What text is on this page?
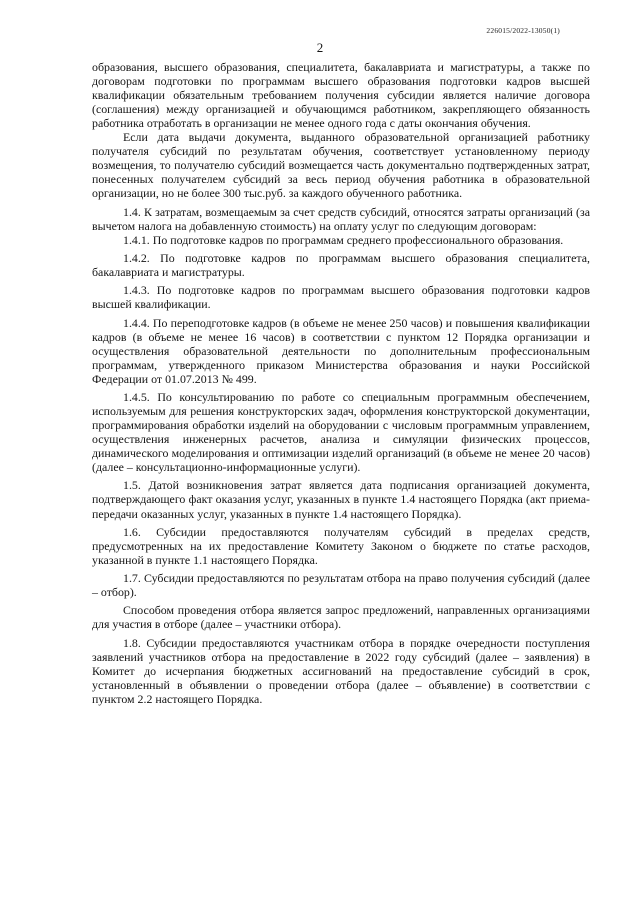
226015/2022-13050(1)
2

образования, высшего образования, специалитета, бакалавриата и магистратуры, а также по договорам подготовки по программам высшего образования подготовки кадров высшей квалификации обязательным требованием получения субсидии является наличие договора (соглашения) между организацией и обучающимся работником, закрепляющего обязанность работника отработать в организации не менее одного года с даты окончания обучения.

Если дата выдачи документа, выданного образовательной организацией работнику получателя субсидий по результатам обучения, соответствует установленному периоду возмещения, то получателю субсидий возмещается часть документально подтвержденных затрат, понесенных получателем субсидий за весь период обучения работника в образовательной организации, но не более 300 тыс.руб. за каждого обученного работника.

1.4. К затратам, возмещаемым за счет средств субсидий, относятся затраты организаций (за вычетом налога на добавленную стоимость) на оплату услуг по следующим договорам:

1.4.1. По подготовке кадров по программам среднего профессионального образования.

1.4.2. По подготовке кадров по программам высшего образования специалитета, бакалавриата и магистратуры.

1.4.3. По подготовке кадров по программам высшего образования подготовки кадров высшей квалификации.

1.4.4. По переподготовке кадров (в объеме не менее 250 часов) и повышения квалификации кадров (в объеме не менее 16 часов) в соответствии с пунктом 12 Порядка организации и осуществления образовательной деятельности по дополнительным профессиональным программам, утвержденного приказом Министерства образования и науки Российской Федерации от 01.07.2013 № 499.

1.4.5. По консультированию по работе со специальным программным обеспечением, используемым для решения конструкторских задач, оформления конструкторской документации, программирования обработки изделий на оборудовании с числовым программным управлением, осуществления инженерных расчетов, анализа и симуляции физических процессов, динамического моделирования и оптимизации изделий организаций (в объеме не менее 20 часов) (далее – консультационно-информационные услуги).

1.5. Датой возникновения затрат является дата подписания организацией документа, подтверждающего факт оказания услуг, указанных в пункте 1.4 настоящего Порядка (акт приема-передачи оказанных услуг, указанных в пункте 1.4 настоящего Порядка).

1.6. Субсидии предоставляются получателям субсидий в пределах средств, предусмотренных на их предоставление Комитету Законом о бюджете по статье расходов, указанной в пункте 1.1 настоящего Порядка.

1.7. Субсидии предоставляются по результатам отбора на право получения субсидий (далее – отбор).

Способом проведения отбора является запрос предложений, направленных организациями для участия в отборе (далее – участники отбора).

1.8. Субсидии предоставляются участникам отбора в порядке очередности поступления заявлений участников отбора на предоставление в 2022 году субсидий (далее – заявления) в Комитет до исчерпания бюджетных ассигнований на предоставление субсидий в срок, установленный в объявлении о проведении отбора (далее – объявление) в соответствии с пунктом 2.2 настоящего Порядка.
